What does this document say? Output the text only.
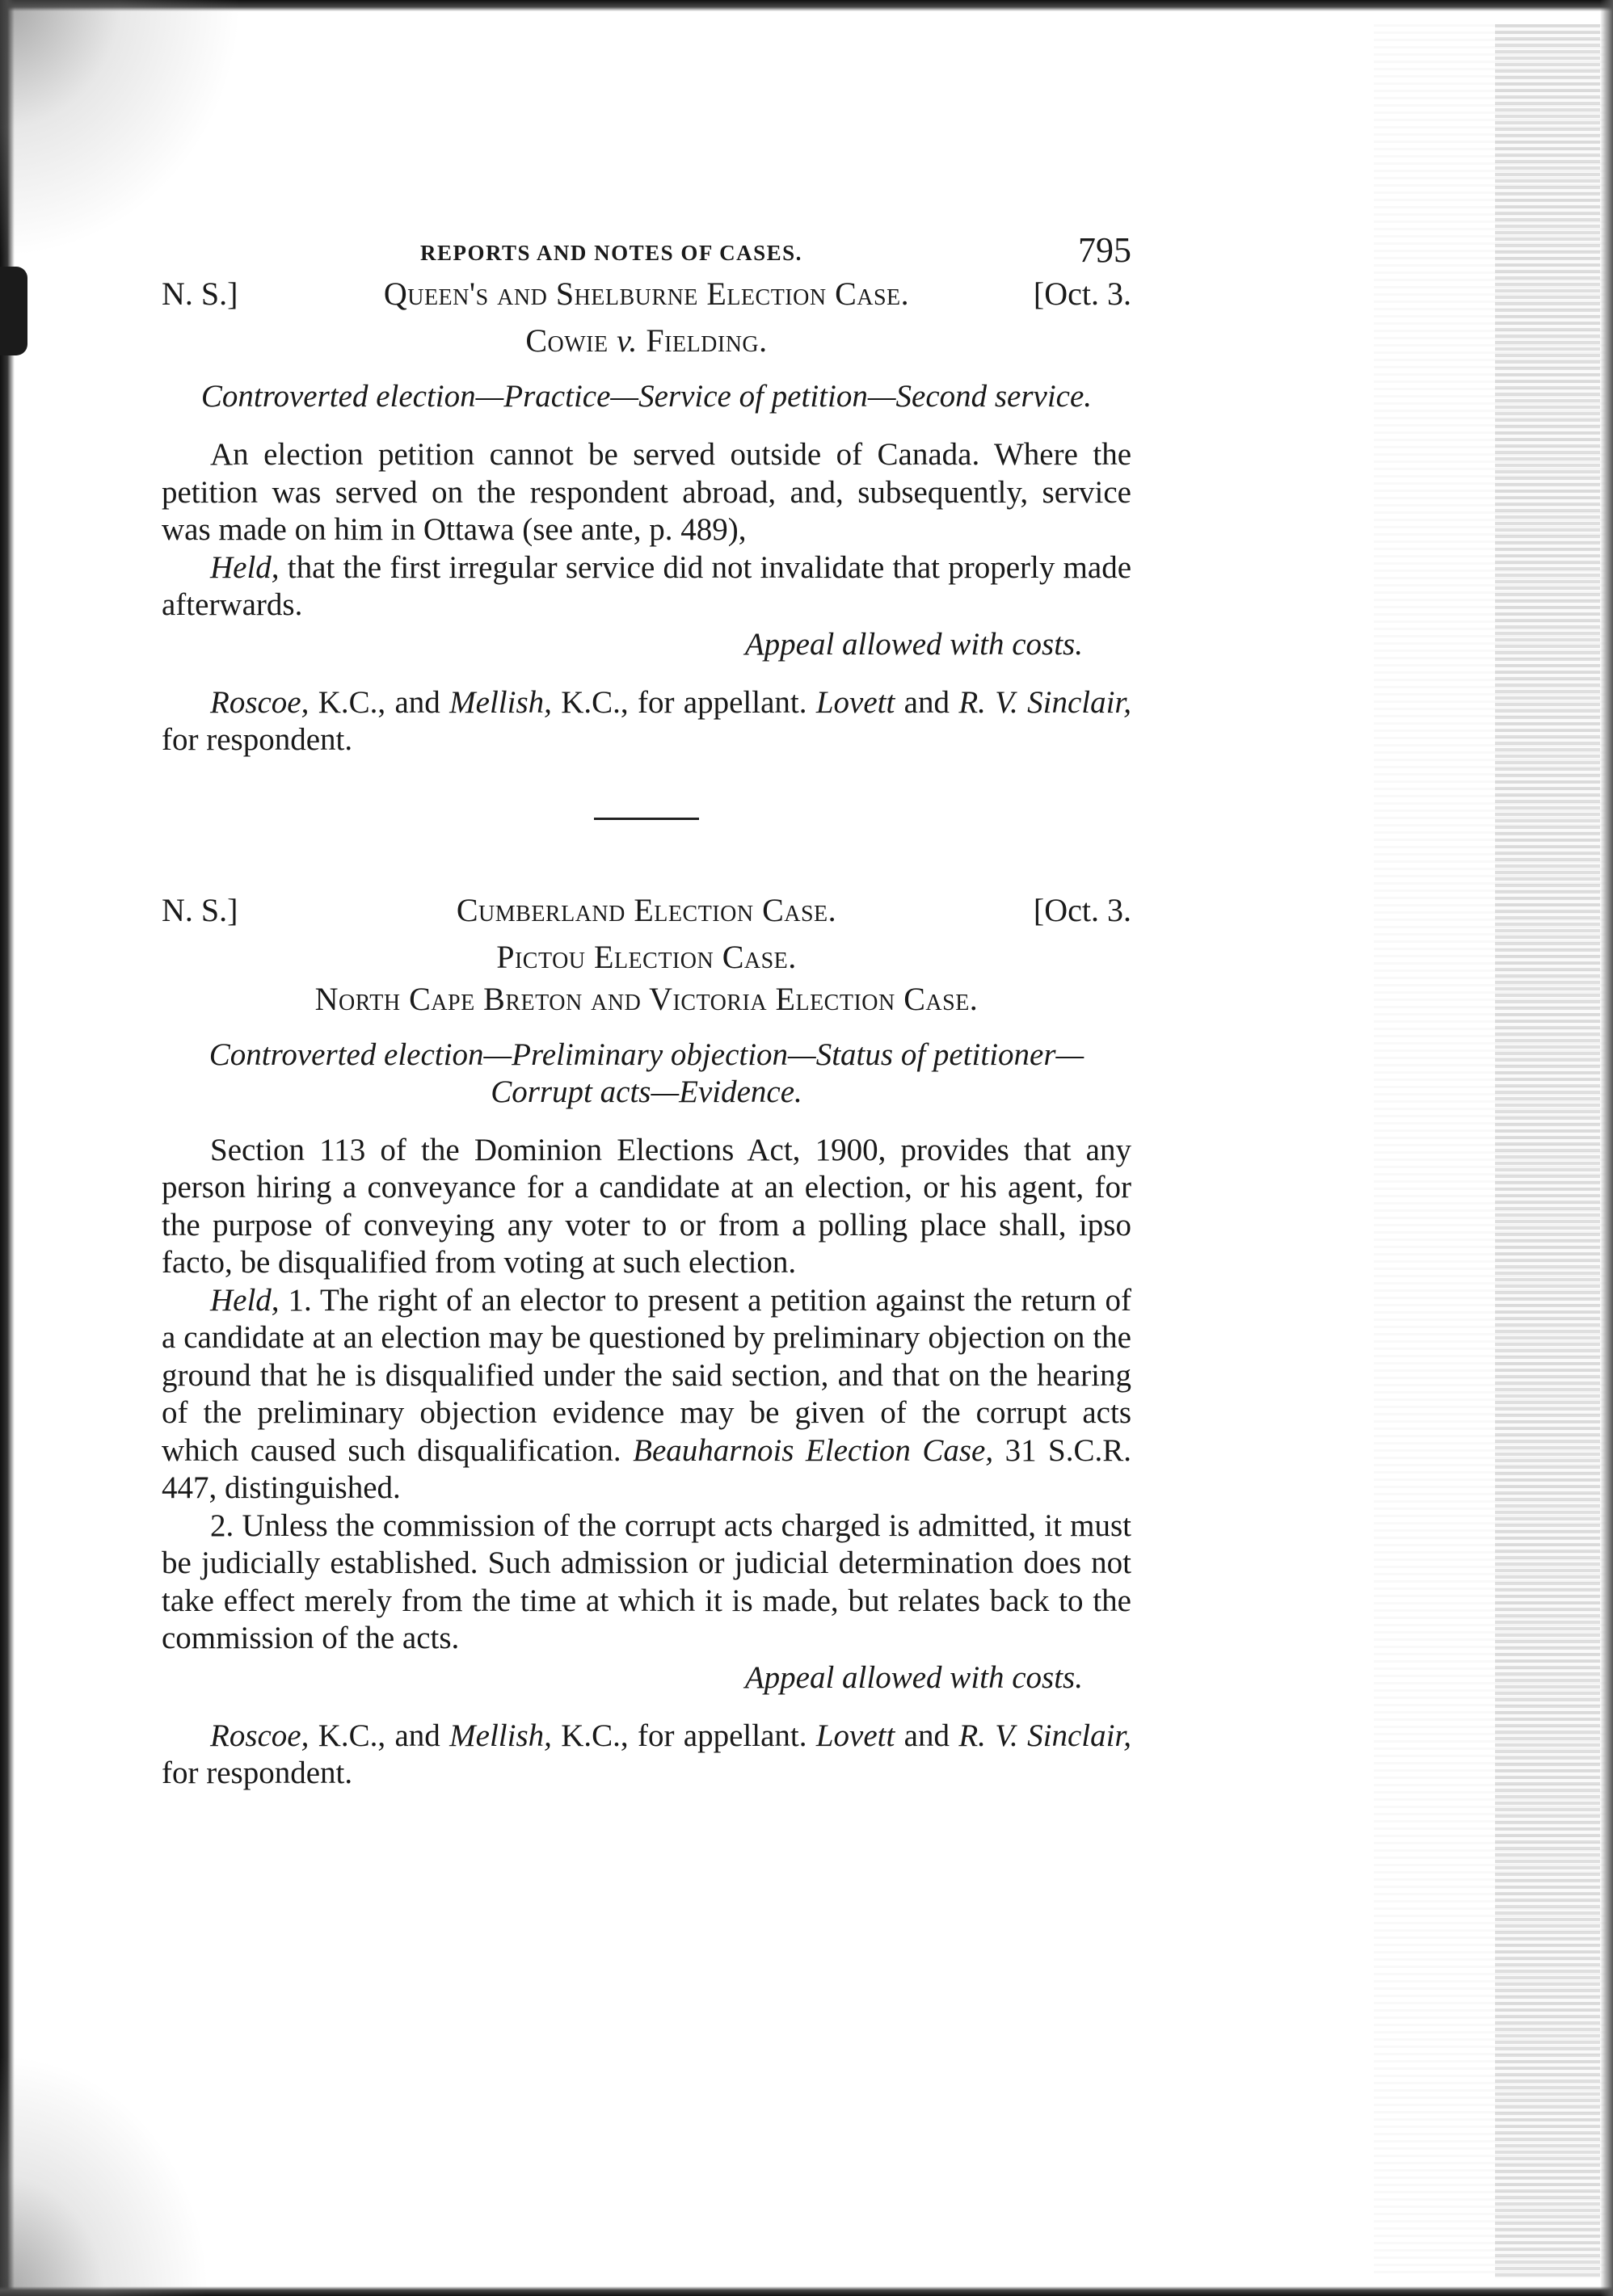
REPORTS AND NOTES OF CASES.	795
N. S.]	Queen's and Shelburne Election Case.	[Oct. 3.
Cowie v. Fielding.
Controverted election—Practice—Service of petition—Second service.

An election petition cannot be served outside of Canada. Where the petition was served on the respondent abroad, and, subsequently, service was made on him in Ottawa (see ante, p. 489),

Held, that the first irregular service did not invalidate that properly made afterwards.

Appeal allowed with costs.

Roscoe, K.C., and Mellish, K.C., for appellant. Lovett and R. V. Sinclair, for respondent.

N. S.]	Cumberland Election Case.	[Oct. 3.
Pictou Election Case.
North Cape Breton and Victoria Election Case.
Controverted election—Preliminary objection—Status of petitioner—Corrupt acts—Evidence.

Section 113 of the Dominion Elections Act, 1900, provides that any person hiring a conveyance for a candidate at an election, or his agent, for the purpose of conveying any voter to or from a polling place shall, ipso facto, be disqualified from voting at such election.

Held, 1. The right of an elector to present a petition against the return of a candidate at an election may be questioned by preliminary objection on the ground that he is disqualified under the said section, and that on the hearing of the preliminary objection evidence may be given of the corrupt acts which caused such disqualification. Beauharnois Election Case, 31 S.C.R. 447, distinguished.

2. Unless the commission of the corrupt acts charged is admitted, it must be judicially established. Such admission or judicial determination does not take effect merely from the time at which it is made, but relates back to the commission of the acts.

Appeal allowed with costs.

Roscoe, K.C., and Mellish, K.C., for appellant. Lovett and R. V. Sinclair, for respondent.
